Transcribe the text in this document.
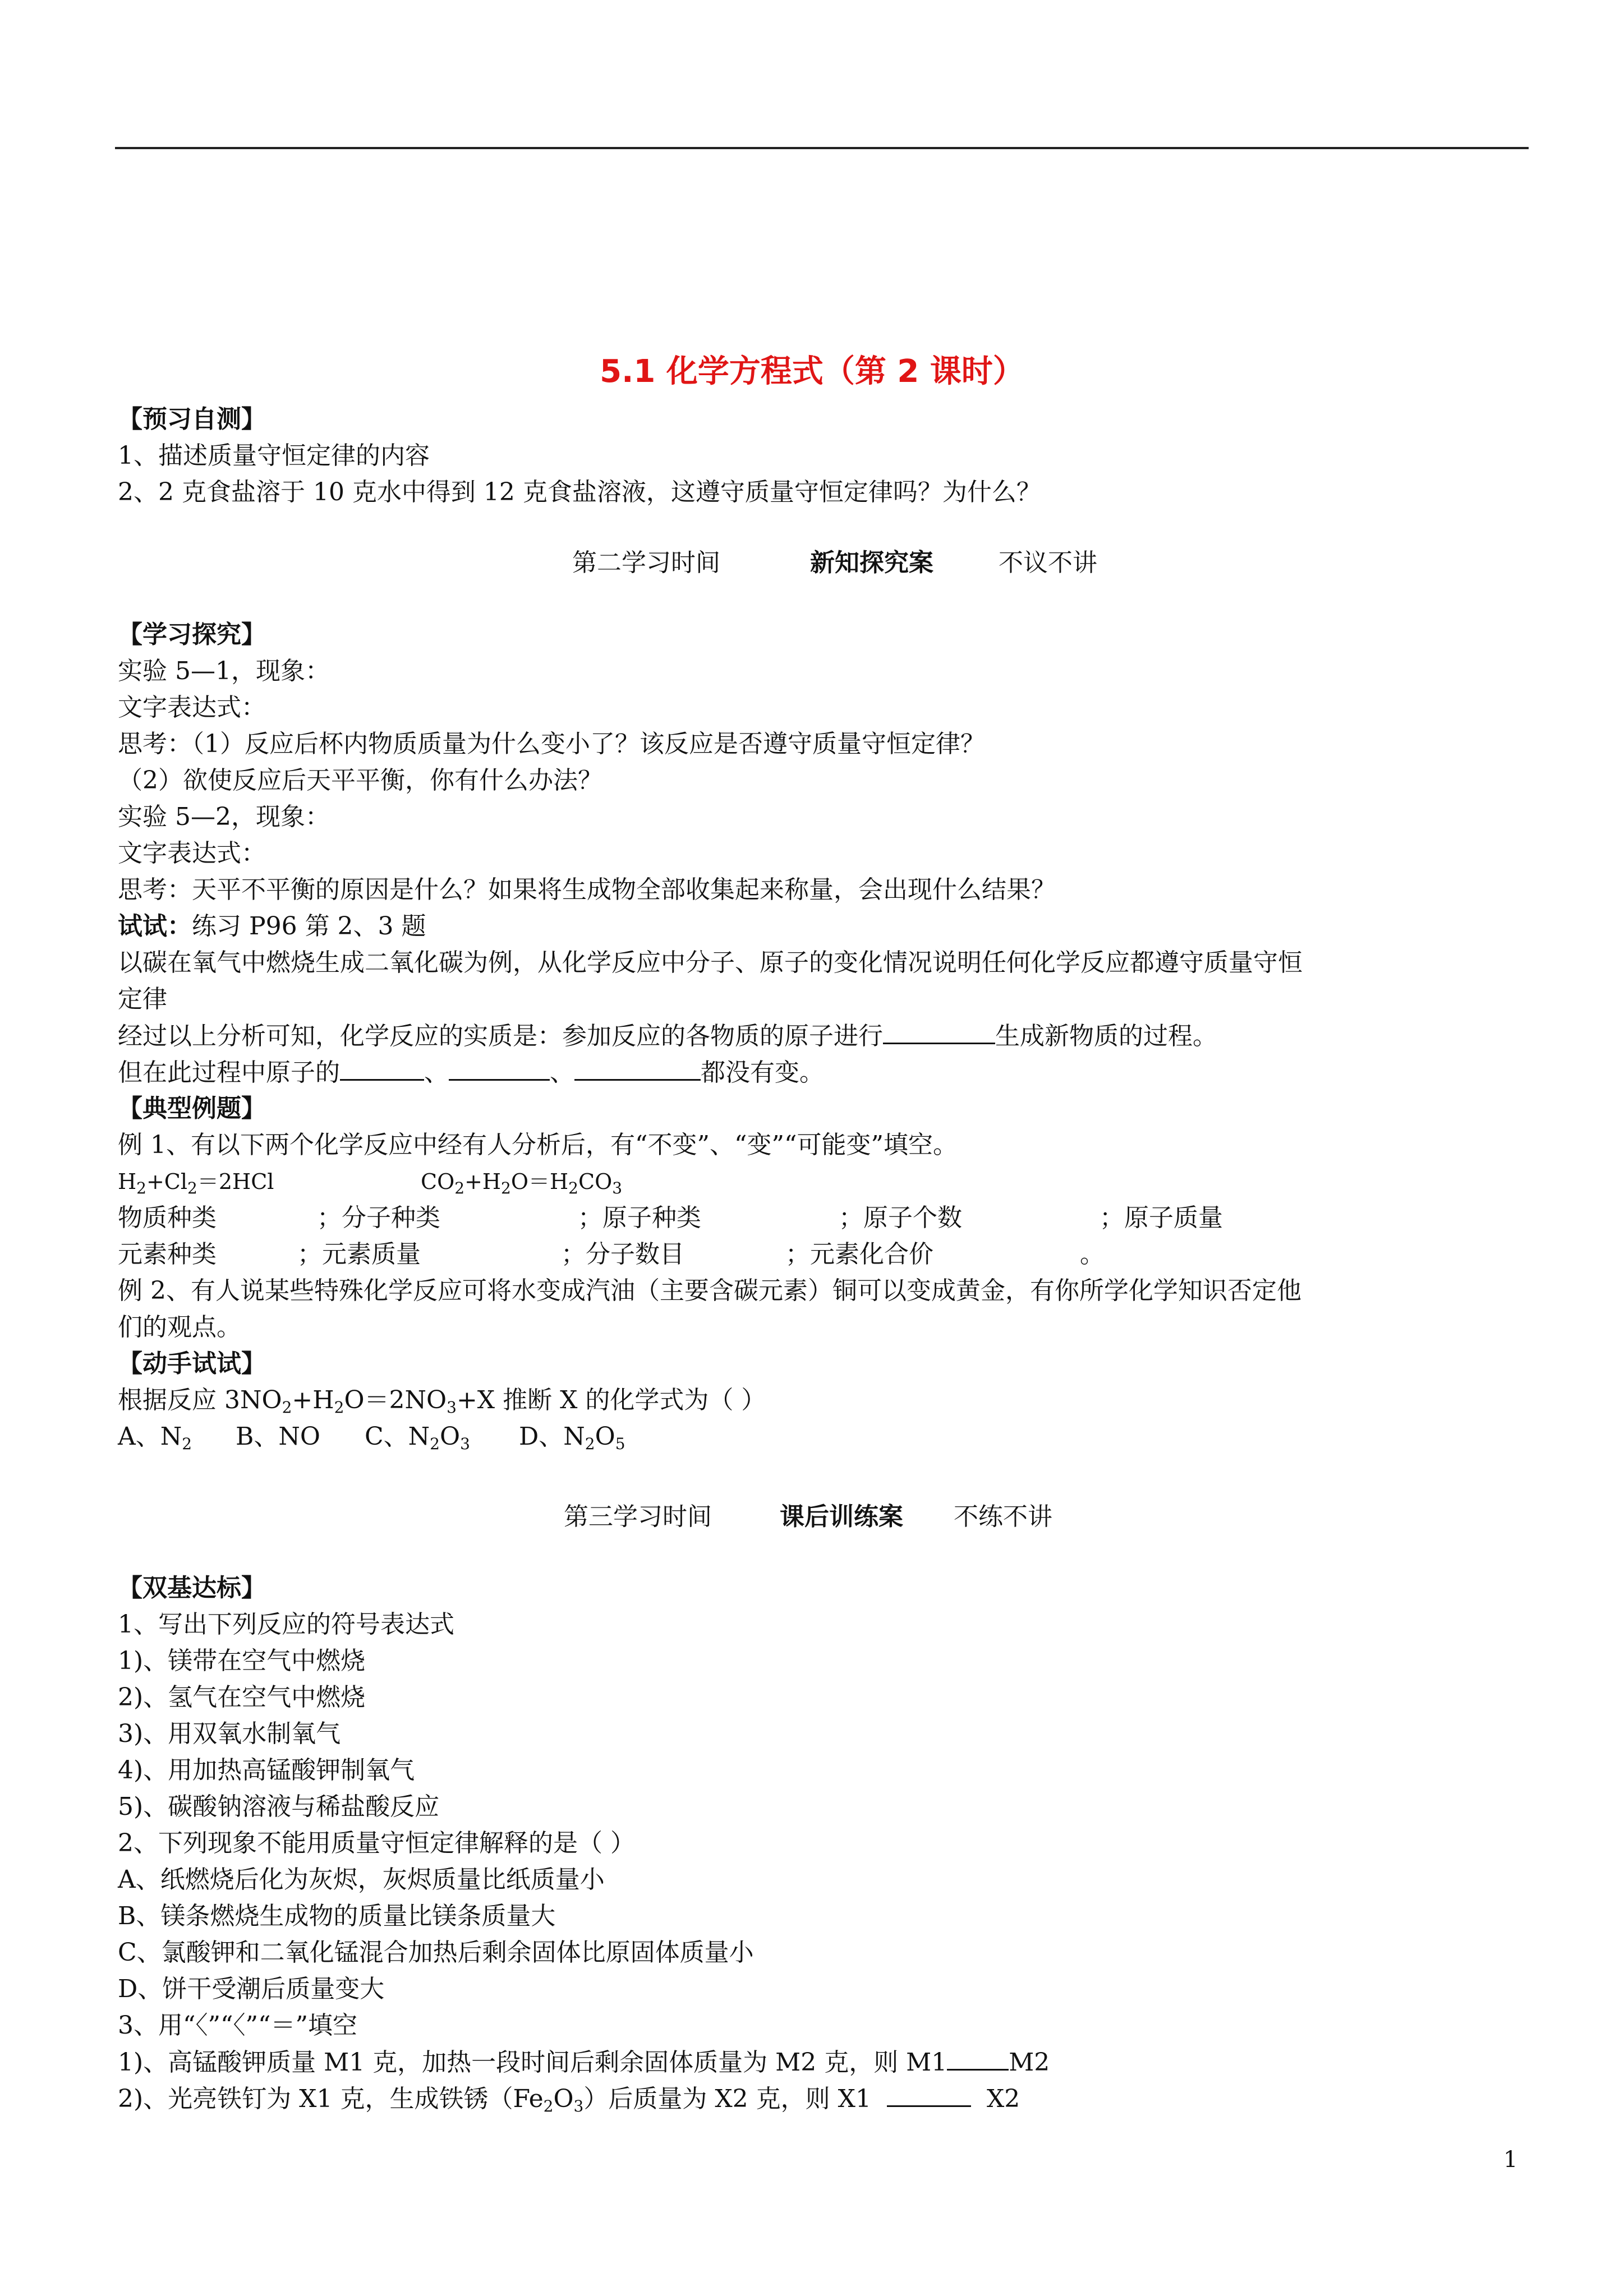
5.1 化学方程式（第 2 课时）
【预习自测】
1、描述质量守恒定律的内容
2、2 克食盐溶于 10 克水中得到 12 克食盐溶液，这遵守质量守恒定律吗？为什么？
第二学习时间	新知探究案	不议不讲
【学习探究】
实验 5—1，现象：
文字表达式：
思考：（1）反应后杯内物质质量为什么变小了？该反应是否遵守质量守恒定律？
（2）欲使反应后天平平衡，你有什么办法？
实验 5—2，现象：
文字表达式：
思考：天平不平衡的原因是什么？如果将生成物全部收集起来称量，会出现什么结果？
试试：练习 P96 第 2、3 题
以碳在氧气中燃烧生成二氧化碳为例，从化学反应中分子、原子的变化情况说明任何化学反应都遵守质量守恒
定律
经过以上分析可知，化学反应的实质是：参加反应的各物质的原子进行	生成新物质的过程。
但在此过程中原子的	、	、	都没有变。
【典型例题】
例 1、有以下两个化学反应中经有人分析后，有“不变”、“变”“可能变”填空。
$H_2+Cl_2=2HCl$	$CO_2+H_2O=H_2CO_3$
物质种类	；分子种类	；原子种类	；原子个数	；原子质量
元素种类	；元素质量	；分子数目	；元素化合价	。
例 2、有人说某些特殊化学反应可将水变成汽油（主要含碳元素）铜可以变成黄金，有你所学化学知识否定他
们的观点。
【动手试试】
根据反应 $3NO_2+H_2O=2NO_3+X$ 推断 X 的化学式为（ ）
A、$N_2$ B、NO C、$N_2O_3$ D、$N_2O_5$
第三学习时间	课后训练案 不练不讲
【双基达标】
1、写出下列反应的符号表达式
1)、镁带在空气中燃烧
2)、氢气在空气中燃烧
3)、用双氧水制氧气
4)、用加热高锰酸钾制氧气
5)、碳酸钠溶液与稀盐酸反应
2、下列现象不能用质量守恒定律解释的是（ ）
A、纸燃烧后化为灰烬，灰烬质量比纸质量小
B、镁条燃烧生成物的质量比镁条质量大
C、氯酸钾和二氧化锰混合加热后剩余固体比原固体质量小
D、饼干受潮后质量变大
3、用“〈”“〈”“＝”填空
1)、高锰酸钾质量 M1 克，加热一段时间后剩余固体质量为 M2 克，则 M1	M2
2)、光亮铁钉为 X1 克，生成铁锈$(Fe_2O_3)$后质量为 X2 克，则 X1	X2
1
